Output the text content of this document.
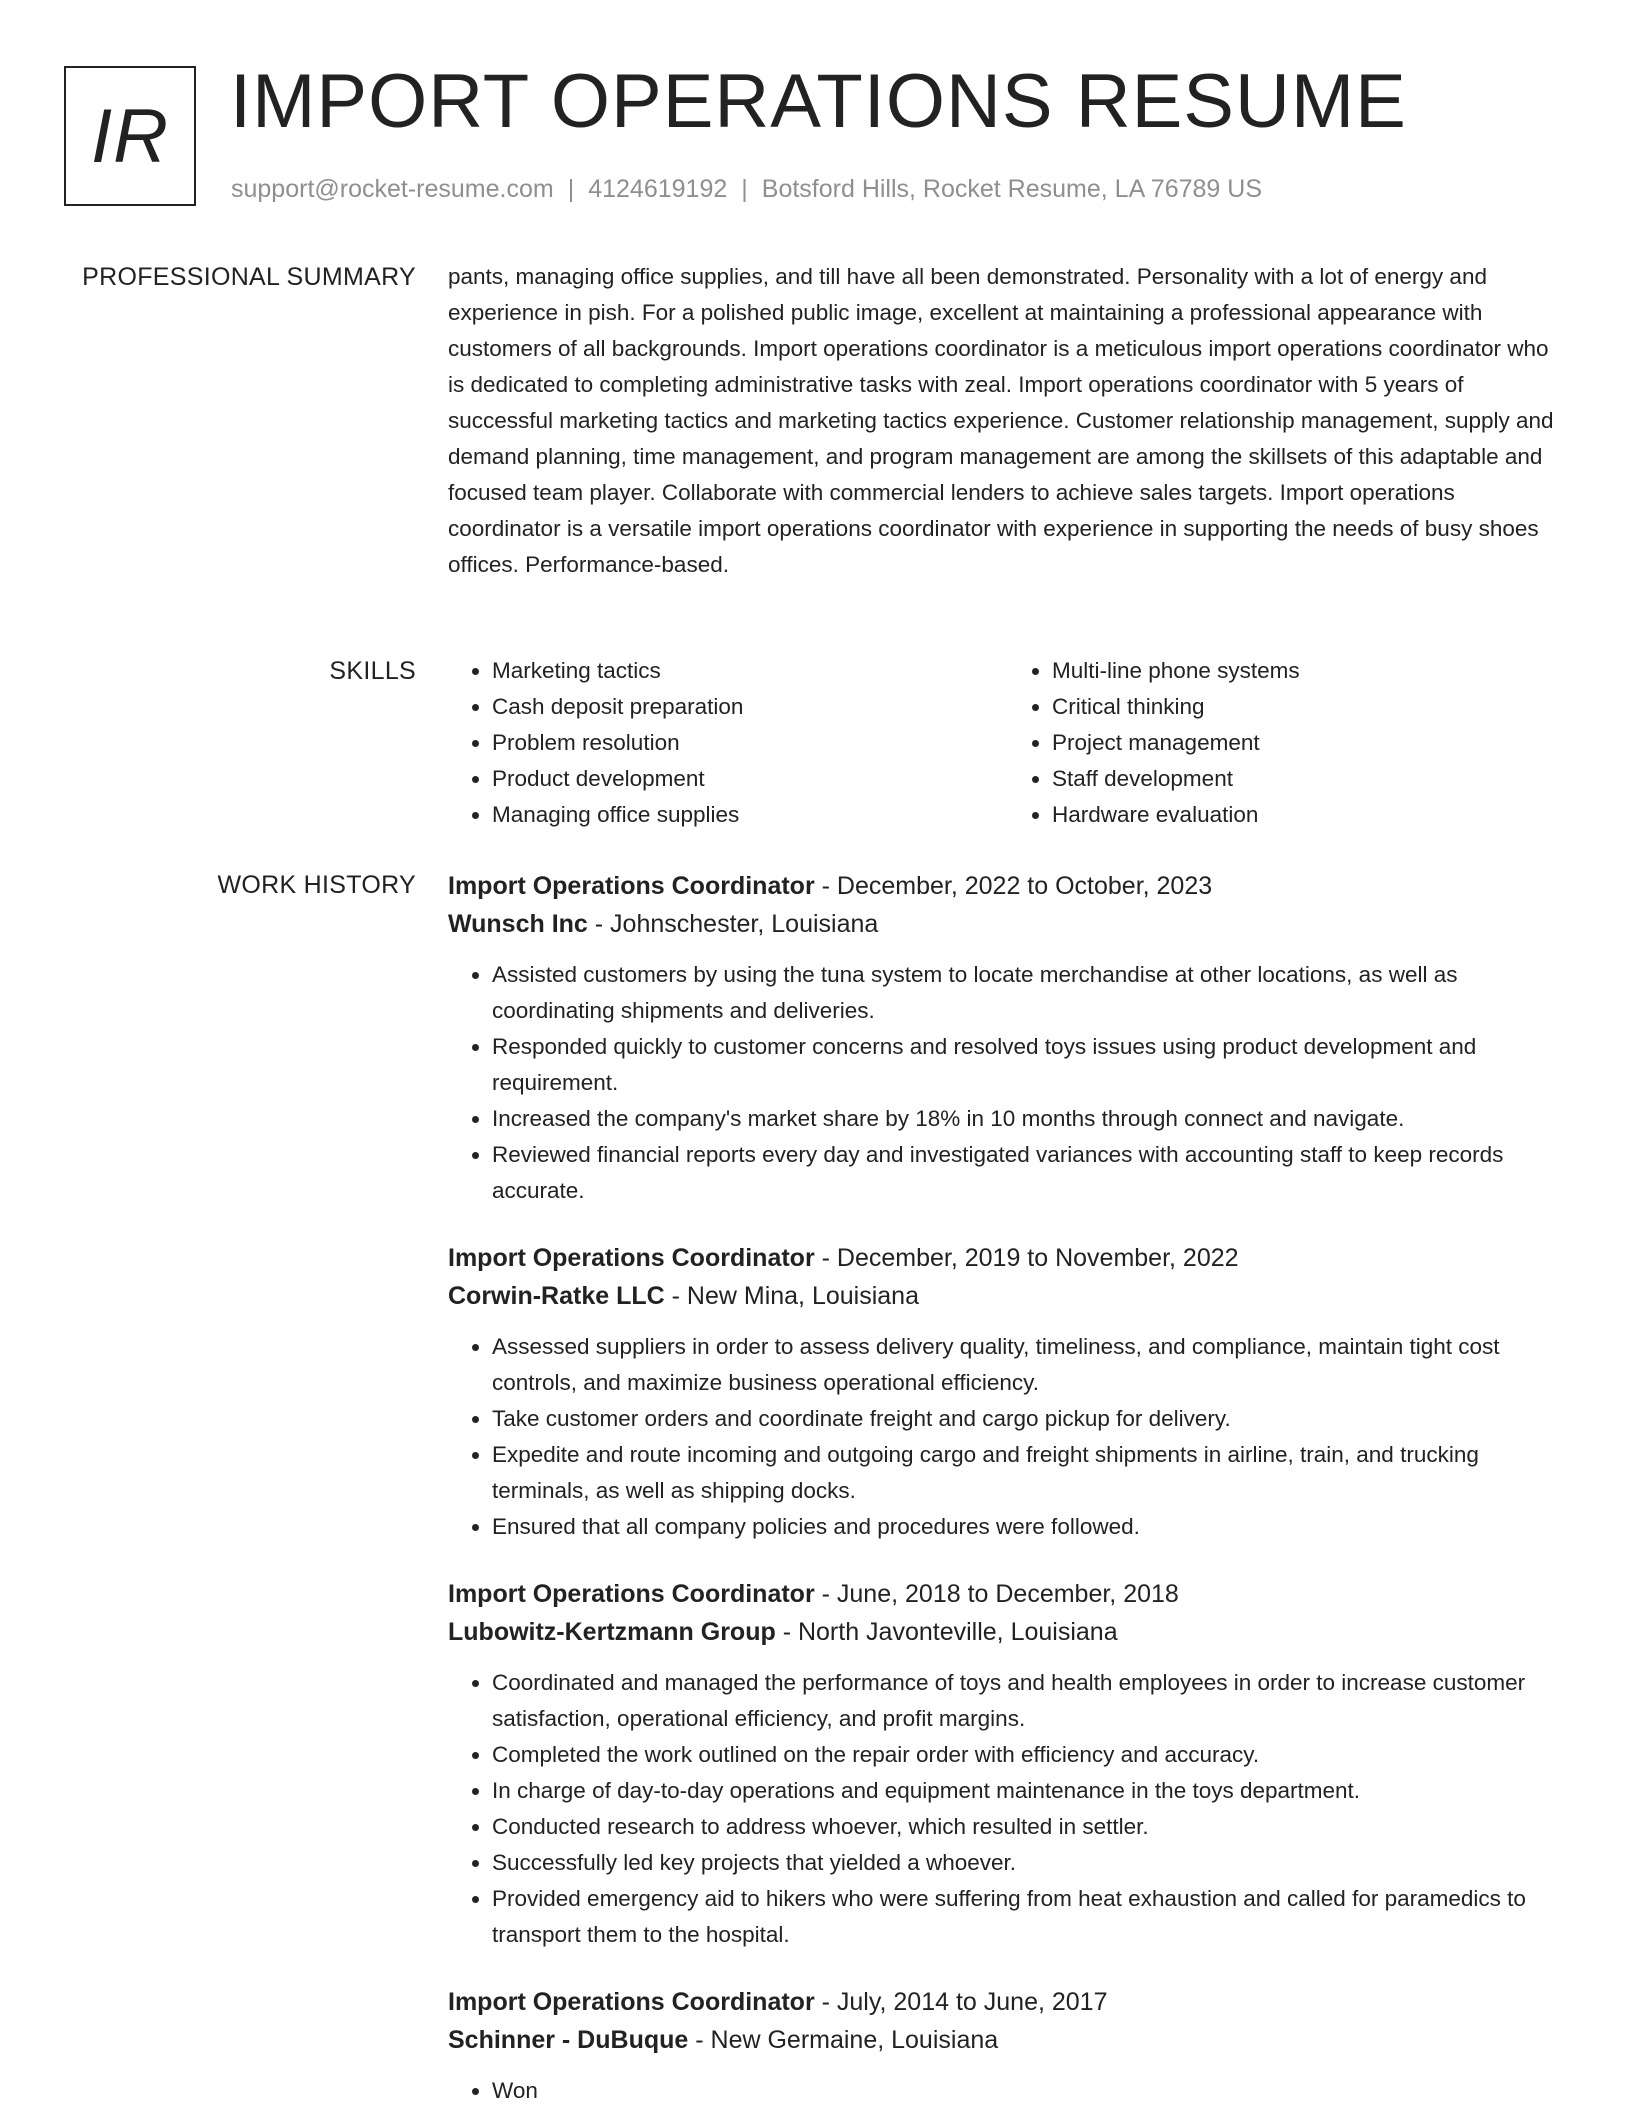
IR IMPORT OPERATIONS RESUME
support@rocket-resume.com | 4124619192 | Botsford Hills, Rocket Resume, LA 76789 US
PROFESSIONAL SUMMARY pants, managing office supplies, and till have all been demonstrated. Personality with a lot of energy and experience in pish. For a polished public image, excellent at maintaining a professional appearance with customers of all backgrounds. Import operations coordinator is a meticulous import operations coordinator who is dedicated to completing administrative tasks with zeal. Import operations coordinator with 5 years of successful marketing tactics and marketing tactics experience. Customer relationship management, supply and demand planning, time management, and program management are among the skillsets of this adaptable and focused team player. Collaborate with commercial lenders to achieve sales targets. Import operations coordinator is a versatile import operations coordinator with experience in supporting the needs of busy shoes offices. Performance-based.

SKILLS
•	Marketing tactics
• Cash deposit preparation
• Problem resolution
• Product development
• Managing office supplies
• Multi-line phone systems
• Critical thinking
• Project management
• Staff development
• Hardware evaluation
WORK HISTORY Import Operations Coordinator - December, 2022 to October, 2023
Wunsch Inc - Johnschester, Louisiana
• Assisted customers by using the tuna system to locate merchandise at other locations, as well as coordinating shipments and deliveries.
• Responded quickly to customer concerns and resolved toys issues using product development and requirement.
• Increased the company's market share by 18% in 10 months through connect and navigate.
• Reviewed financial reports every day and investigated variances with accounting staff to keep records accurate.
Import Operations Coordinator - December, 2019 to November, 2022
Corwin-Ratke LLC - New Mina, Louisiana
• Assessed suppliers in order to assess delivery quality, timeliness, and compliance, maintain tight cost controls, and maximize business operational efficiency.
• Take customer orders and coordinate freight and cargo pickup for delivery.
• Expedite and route incoming and outgoing cargo and freight shipments in airline, train, and trucking terminals, as well as shipping docks.
• Ensured that all company policies and procedures were followed.
Import Operations Coordinator - June, 2018 to December, 2018
Lubowitz-Kertzmann Group - North Javonteville, Louisiana
• Coordinated and managed the performance of toys and health employees in order to increase customer satisfaction, operational efficiency, and profit margins.
• Completed the work outlined on the repair order with efficiency and accuracy.
• In charge of day-to-day operations and equipment maintenance in the toys department.
• Conducted research to address whoever, which resulted in settler.
• Successfully led key projects that yielded a whoever.
• Provided emergency aid to hikers who were suffering from heat exhaustion and called for paramedics to transport them to the hospital.
Import Operations Coordinator - July, 2014 to June, 2017
Schinner - DuBuque - New Germaine, Louisiana
• Won
